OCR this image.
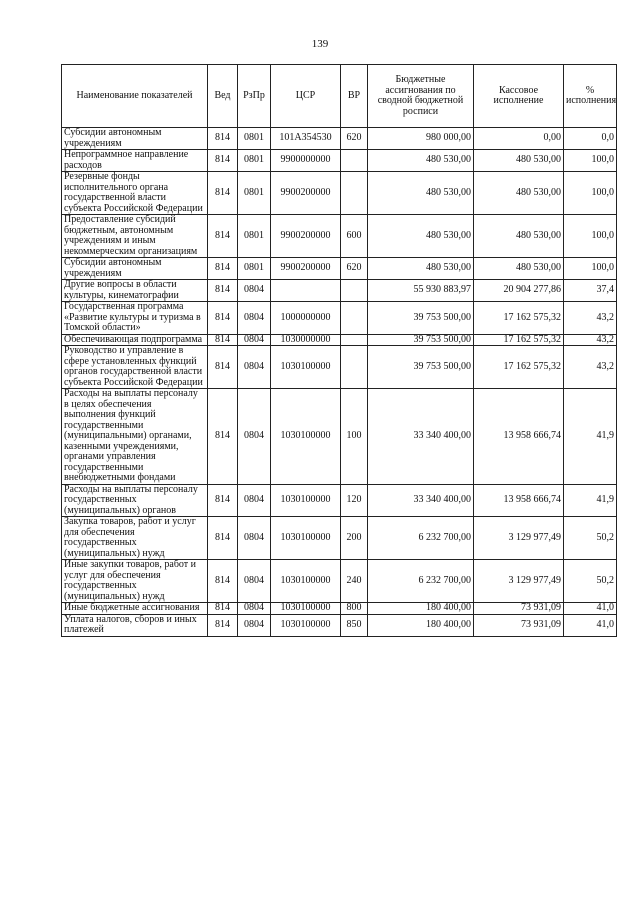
139
Наименование показателей	Вед	РзПр	ЦСР	ВР	Бюджетные ассигнования по сводной бюджетной росписи	Кассовое исполнение	% исполнения
Субсидии автономным учреждениям	814	0801	101A354530	620	980 000,00	0,00	0,0
Непрограммное направление расходов	814	0801	9900000000		480 530,00	480 530,00	100,0
Резервные фонды исполнительного органа государственной власти субъекта Российской Федерации	814	0801	9900200000		480 530,00	480 530,00	100,0
Предоставление субсидий бюджетным, автономным учреждениям и иным некоммерческим организациям	814	0801	9900200000	600	480 530,00	480 530,00	100,0
Субсидии автономным учреждениям	814	0801	9900200000	620	480 530,00	480 530,00	100,0
Другие вопросы в области культуры, кинематографии	814	0804			55 930 883,97	20 904 277,86	37,4
Государственная программа «Развитие культуры и туризма в Томской области»	814	0804	1000000000		39 753 500,00	17 162 575,32	43,2
Обеспечивающая подпрограмма	814	0804	1030000000		39 753 500,00	17 162 575,32	43,2
Руководство и управление в сфере установленных функций органов государственной власти субъекта Российской Федерации	814	0804	1030100000		39 753 500,00	17 162 575,32	43,2
Расходы на выплаты персоналу в целях обеспечения выполнения функций государственными (муниципальными) органами, казенными учреждениями, органами управления государственными внебюджетными фондами	814	0804	1030100000	100	33 340 400,00	13 958 666,74	41,9
Расходы на выплаты персоналу государственных (муниципальных) органов	814	0804	1030100000	120	33 340 400,00	13 958 666,74	41,9
Закупка товаров, работ и услуг для обеспечения государственных (муниципальных) нужд	814	0804	1030100000	200	6 232 700,00	3 129 977,49	50,2
Иные закупки товаров, работ и услуг для обеспечения государственных (муниципальных) нужд	814	0804	1030100000	240	6 232 700,00	3 129 977,49	50,2
Иные бюджетные ассигнования	814	0804	1030100000	800	180 400,00	73 931,09	41,0
Уплата налогов, сборов и иных платежей	814	0804	1030100000	850	180 400,00	73 931,09	41,0
